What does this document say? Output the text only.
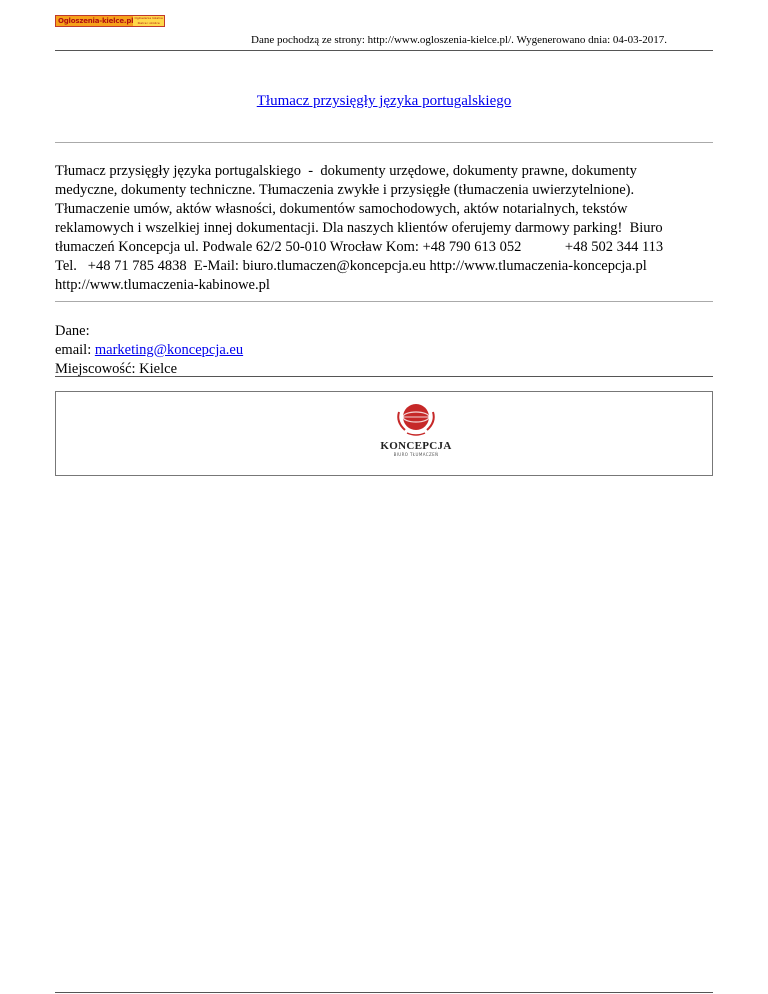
Ogloszenia-kielce.pl Ogłoszenia lokalne Kielce i okolice
Dane pochodzą ze strony: http://www.ogloszenia-kielce.pl/. Wygenerowano dnia: 04-03-2017.
Tłumacz przysięgły języka portugalskiego
Tłumacz przysięgły języka portugalskiego  -  dokumenty urzędowe, dokumenty prawne, dokumenty
medyczne, dokumenty techniczne. Tłumaczenia zwykłe i przysięgłe (tłumaczenia uwierzytelnione).
Tłumaczenie umów, aktów własności, dokumentów samochodowych, aktów notarialnych, tekstów
reklamowych i wszelkiej innej dokumentacji. Dla naszych klientów oferujemy darmowy parking!  Biuro
tłumaczeń Koncepcja ul. Podwale 62/2 50-010 Wrocław Kom: +48 790 613 052            +48 502 344 113
Tel.   +48 71 785 4838  E-Mail: biuro.tlumaczen@koncepcja.eu http://www.tlumaczenia-koncepcja.pl
http://www.tlumaczenia-kabinowe.pl
Dane:
email: marketing@koncepcja.eu
Miejscowość: Kielce
KONCEPCJA
BIURO TŁUMACZEŃ
